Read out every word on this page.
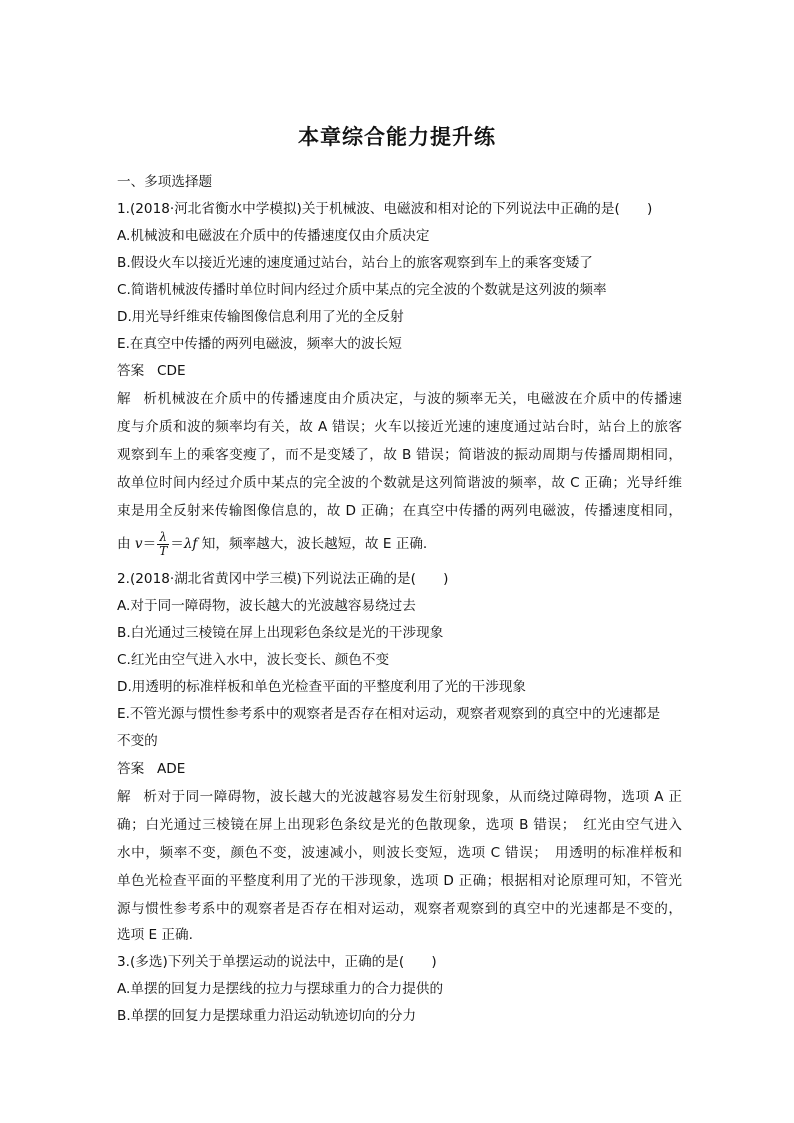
本章综合能力提升练
一、多项选择题
1.(2018·河北省衡水中学模拟)关于机械波、电磁波和相对论的下列说法中正确的是(　　)
A.机械波和电磁波在介质中的传播速度仅由介质决定
B.假设火车以接近光速的速度通过站台，站台上的旅客观察到车上的乘客变矮了
C.简谐机械波传播时单位时间内经过介质中某点的完全波的个数就是这列波的频率
D.用光导纤维束传输图像信息利用了光的全反射
E.在真空中传播的两列电磁波，频率大的波长短
答案 CDE
解析机械波在介质中的传播速度由介质决定，与波的频率无关，电磁波在介质中的传播速
度与介质和波的频率均有关，故 A 错误；火车以接近光速的速度通过站台时，站台上的旅客
观察到车上的乘客变瘦了，而不是变矮了，故 B 错误；简谐波的振动周期与传播周期相同，
故单位时间内经过介质中某点的完全波的个数就是这列简谐波的频率，故 C 正确；光导纤维
束是用全反射来传输图像信息的，故 D 正确；在真空中传播的两列电磁波，传播速度相同，
由 $v= \frac{\lambda}{T} =\lambda f$ 知，频率越大，波长越短，故 E 正确.
2.(2018·湖北省黄冈中学三模)下列说法正确的是(　　)
A.对于同一障碍物，波长越大的光波越容易绕过去
B.白光通过三棱镜在屏上出现彩色条纹是光的干涉现象
C.红光由空气进入水中，波长变长、颜色不变
D.用透明的标准样板和单色光检查平面的平整度利用了光的干涉现象
E.不管光源与惯性参考系中的观察者是否存在相对运动，观察者观察到的真空中的光速都是
不变的
答案 ADE
解析对于同一障碍物，波长越大的光波越容易发生衍射现象，从而绕过障碍物，选项 A 正
确；白光通过三棱镜在屏上出现彩色条纹是光的色散现象，选项 B 错误；　红光由空气进入
水中，频率不变，颜色不变，波速减小，则波长变短，选项 C 错误；　用透明的标准样板和
单色光检查平面的平整度利用了光的干涉现象，选项 D 正确；根据相对论原理可知，不管光
源与惯性参考系中的观察者是否存在相对运动，观察者观察到的真空中的光速都是不变的，
选项 E 正确.
3.(多选)下列关于单摆运动的说法中，正确的是(　　)
A.单摆的回复力是摆线的拉力与摆球重力的合力提供的
B.单摆的回复力是摆球重力沿运动轨迹切向的分力
